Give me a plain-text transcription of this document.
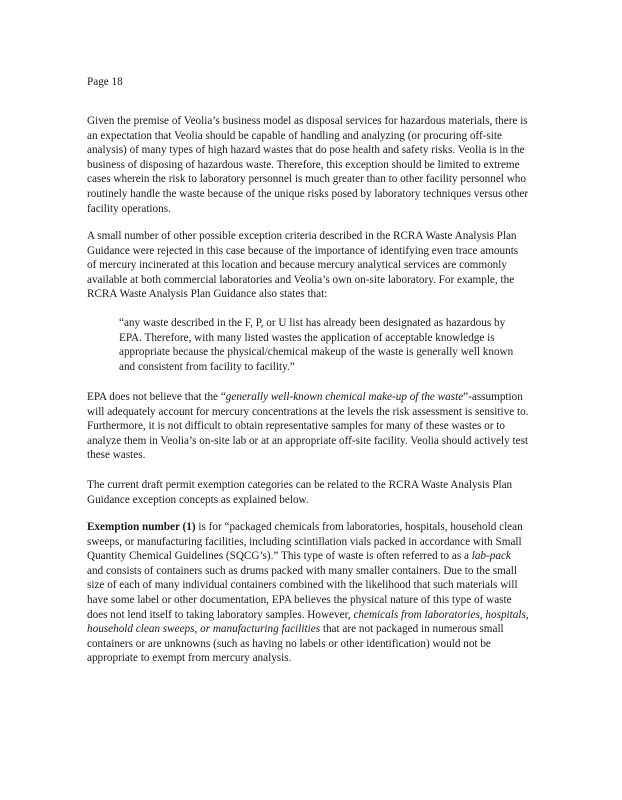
Page 18

Given the premise of Veolia’s business model as disposal services for hazardous materials, there is an expectation that Veolia should be capable of handling and analyzing (or procuring off-site analysis) of many types of high hazard wastes that do pose health and safety risks. Veolia is in the business of disposing of hazardous waste. Therefore, this exception should be limited to extreme cases wherein the risk to laboratory personnel is much greater than to other facility personnel who routinely handle the waste because of the unique risks posed by laboratory techniques versus other facility operations.

A small number of other possible exception criteria described in the RCRA Waste Analysis Plan Guidance were rejected in this case because of the importance of identifying even trace amounts of mercury incinerated at this location and because mercury analytical services are commonly available at both commercial laboratories and Veolia’s own on-site laboratory. For example, the RCRA Waste Analysis Plan Guidance also states that:

“any waste described in the F, P, or U list has already been designated as hazardous by EPA. Therefore, with many listed wastes the application of acceptable knowledge is appropriate because the physical/chemical makeup of the waste is generally well known and consistent from facility to facility.”

EPA does not believe that the “generally well-known chemical make-up of the waste”-assumption will adequately account for mercury concentrations at the levels the risk assessment is sensitive to. Furthermore, it is not difficult to obtain representative samples for many of these wastes or to analyze them in Veolia’s on-site lab or at an appropriate off-site facility. Veolia should actively test these wastes.

The current draft permit exemption categories can be related to the RCRA Waste Analysis Plan Guidance exception concepts as explained below.

Exemption number (1) is for “packaged chemicals from laboratories, hospitals, household clean sweeps, or manufacturing facilities, including scintillation vials packed in accordance with Small Quantity Chemical Guidelines (SQCG’s).” This type of waste is often referred to as a lab-pack and consists of containers such as drums packed with many smaller containers. Due to the small size of each of many individual containers combined with the likelihood that such materials will have some label or other documentation, EPA believes the physical nature of this type of waste does not lend itself to taking laboratory samples. However, chemicals from laboratories, hospitals, household clean sweeps, or manufacturing facilities that are not packaged in numerous small containers or are unknowns (such as having no labels or other identification) would not be appropriate to exempt from mercury analysis.
